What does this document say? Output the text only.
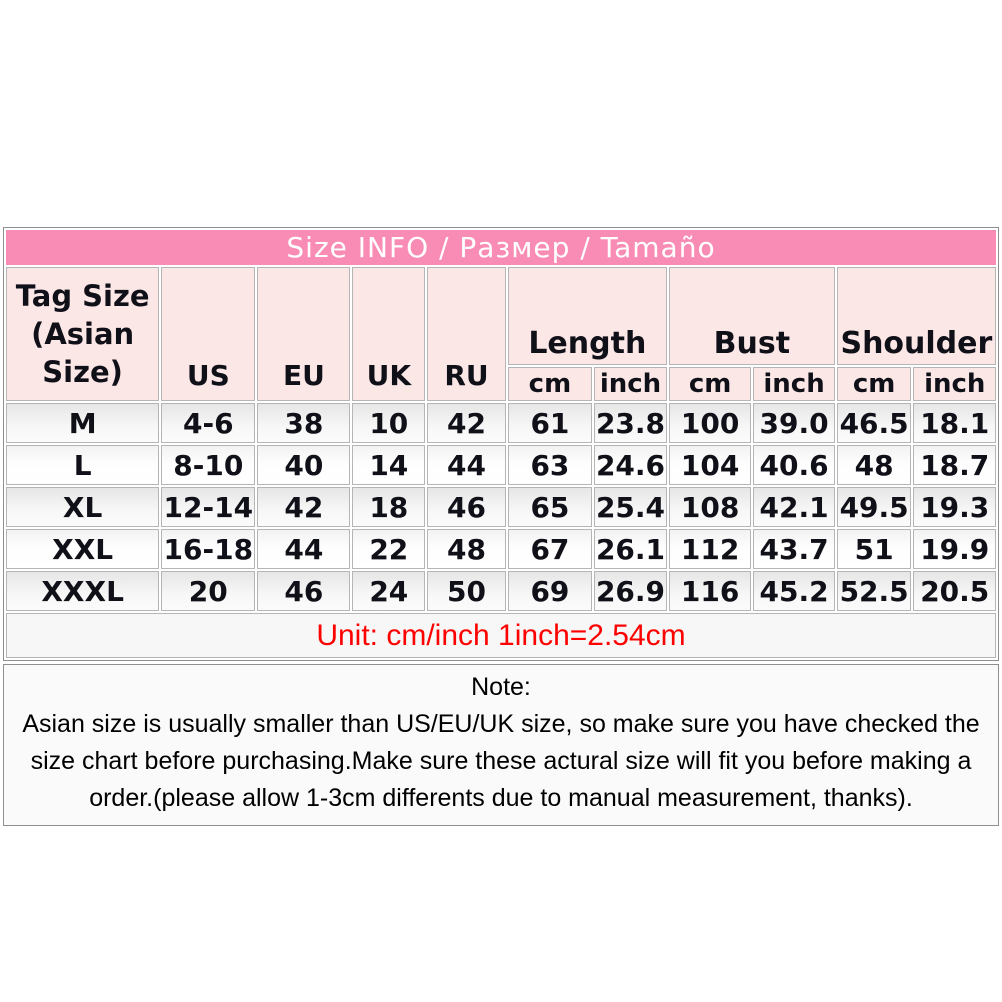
Size INFO / Размер / Tamaño										

Tag Size
(Asian
Size)	US	EU	UK	RU	Length		Bust		Shoulder	
					cm	inch	cm	inch	cm	inch
M	4-6	38	10	42	61	23.8	100	39.0	46.5	18.1
L	8-10	40	14	44	63	24.6	104	40.6	48	18.7
XL	12-14	42	18	46	65	25.4	108	42.1	49.5	19.3
XXL	16-18	44	22	48	67	26.1	112	43.7	51	19.9
XXXL	20	46	24	50	69	26.9	116	45.2	52.5	20.5
Unit: cm/inch 1inch=2.54cm										
Note:
Asian size is usually smaller than US/EU/UK size, so make sure you have checked the
size chart before purchasing.Make sure these actural size will fit you before making a
order.(please allow 1-3cm differents due to manual measurement, thanks).
